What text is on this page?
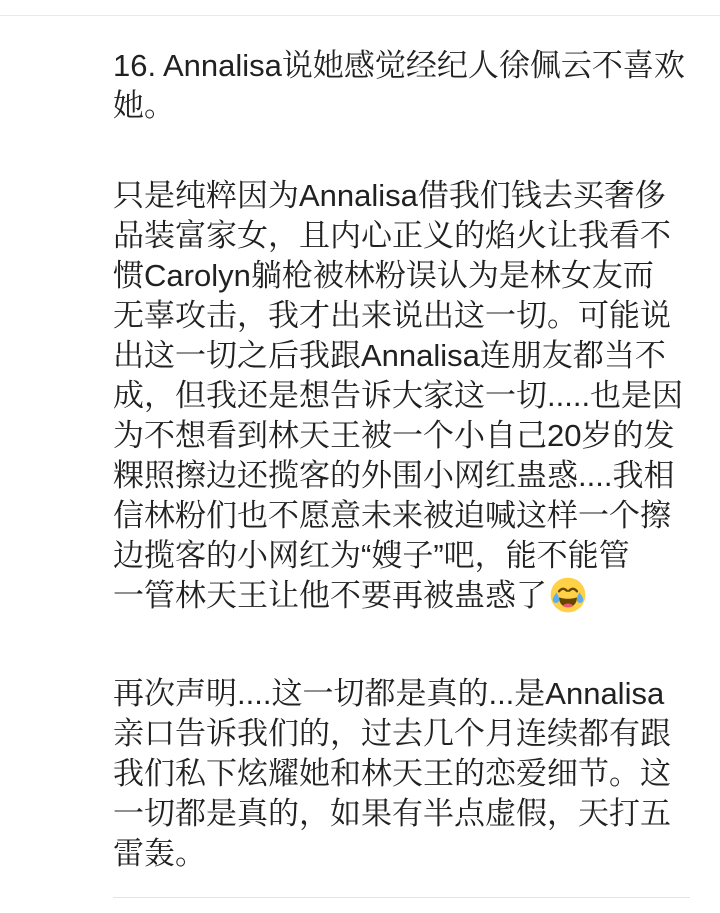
16. Annalisa说她感觉经纪人徐佩云不喜欢
她。
只是纯粹因为Annalisa借我们钱去买奢侈
品装富家女，且内心正义的焰火让我看不
惯Carolyn躺枪被林粉误认为是林女友而
无辜攻击，我才出来说出这一切。可能说
出这一切之后我跟Annalisa连朋友都当不
成，但我还是想告诉大家这一切.....也是因
为不想看到林天王被一个小自己20岁的发
粿照擦边还揽客的外围小网红蛊惑....我相
信林粉们也不愿意未来被迫喊这样一个擦
边揽客的小网红为“嫂子”吧，能不能管
一管林天王让他不要再被蛊惑了
再次声明....这一切都是真的...是Annalisa
亲口告诉我们的，过去几个月连续都有跟
我们私下炫耀她和林天王的恋爱细节。这
一切都是真的，如果有半点虚假，天打五
雷轰。
